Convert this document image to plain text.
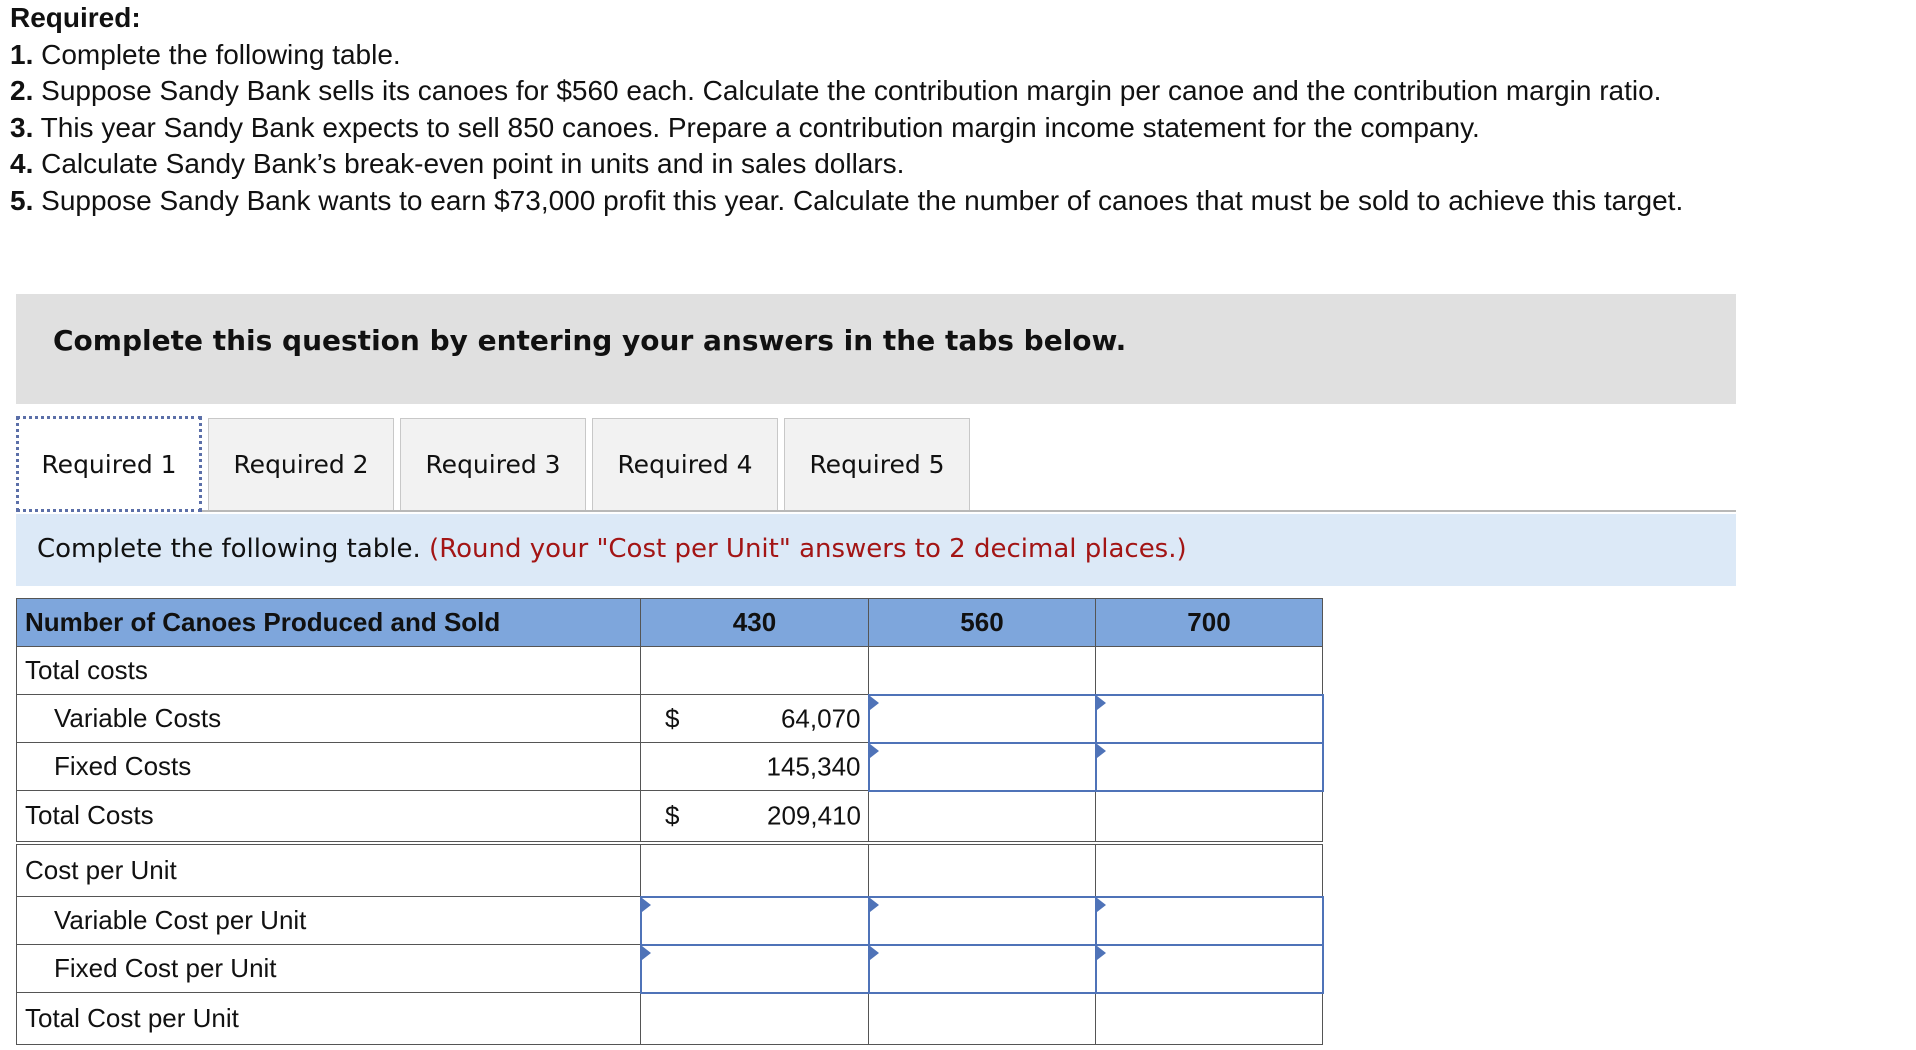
Required:
1. Complete the following table.
2. Suppose Sandy Bank sells its canoes for $560 each. Calculate the contribution margin per canoe and the contribution margin ratio.
3. This year Sandy Bank expects to sell 850 canoes. Prepare a contribution margin income statement for the company.
4. Calculate Sandy Bank’s break-even point in units and in sales dollars.
5. Suppose Sandy Bank wants to earn $73,000 profit this year. Calculate the number of canoes that must be sold to achieve this target.
Complete this question by entering your answers in the tabs below.
Required 1	Required 2	Required 3	Required 4	Required 5
Complete the following table. (Round your "Cost per Unit" answers to 2 decimal places.)
Number of Canoes Produced and Sold	430	560	700
Total costs			
Variable Costs	$ 64,070		

Fixed Costs	145,340		

Total Costs	$ 209,410		

Cost per Unit			
Variable Cost per Unit	

Fixed Cost per Unit	

Total Cost per Unit			
